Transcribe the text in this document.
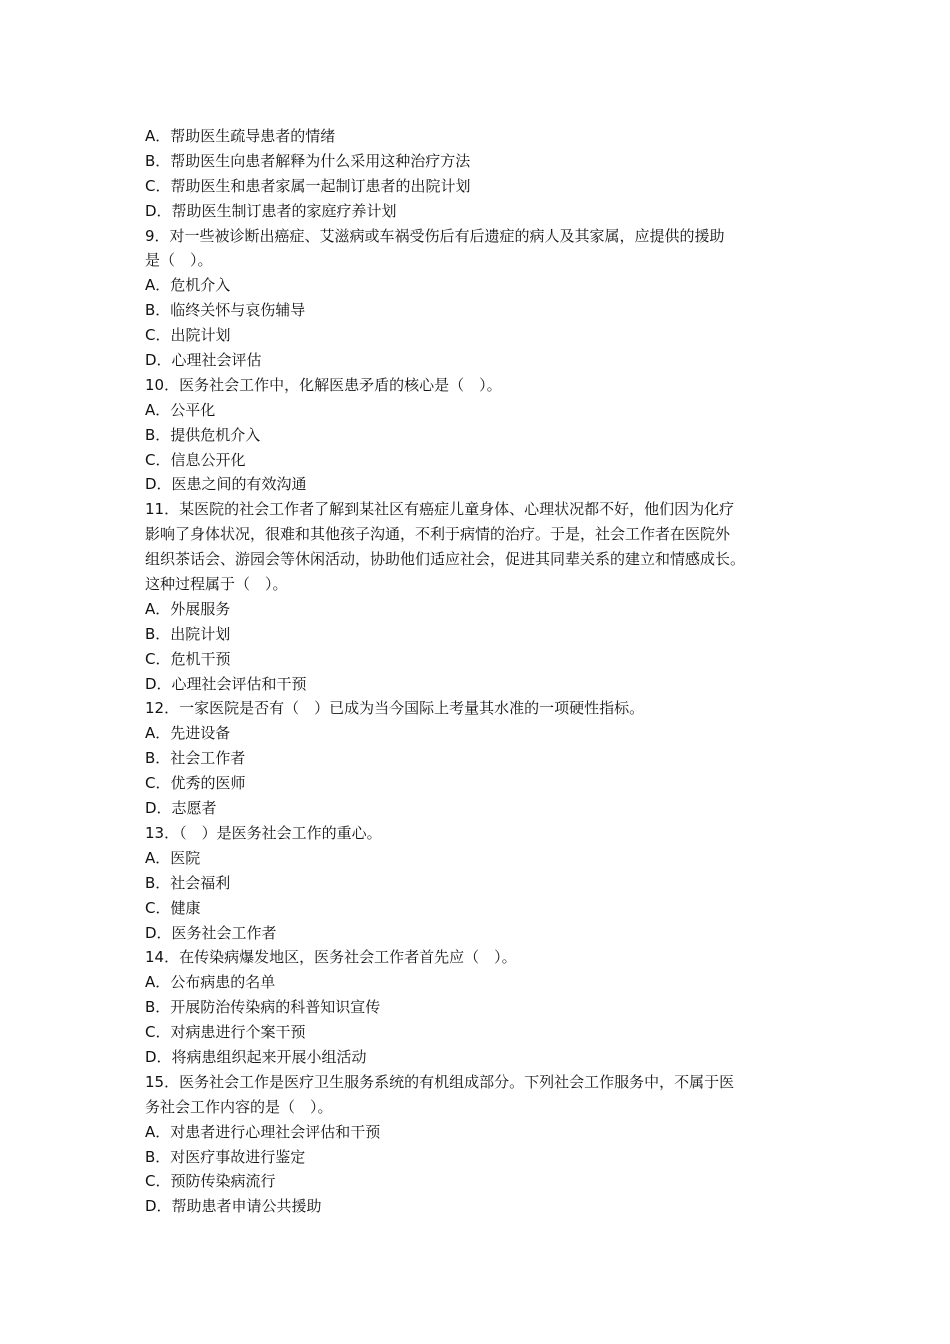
A．帮助医生疏导患者的情绪
B．帮助医生向患者解释为什么采用这种治疗方法
C．帮助医生和患者家属一起制订患者的出院计划
D．帮助医生制订患者的家庭疗养计划
9．对一些被诊断出癌症、艾滋病或车祸受伤后有后遗症的病人及其家属，应提供的援助
是（　）。
A．危机介入
B．临终关怀与哀伤辅导
C．出院计划
D．心理社会评估
10．医务社会工作中，化解医患矛盾的核心是（　）。
A．公平化
B．提供危机介入
C．信息公开化
D．医患之间的有效沟通
11．某医院的社会工作者了解到某社区有癌症儿童身体、心理状况都不好，他们因为化疗
影响了身体状况，很难和其他孩子沟通，不利于病情的治疗。于是，社会工作者在医院外
组织茶话会、游园会等休闲活动，协助他们适应社会，促进其同辈关系的建立和情感成长。
这种过程属于（　）。
A．外展服务
B．出院计划
C．危机干预
D．心理社会评估和干预
12．一家医院是否有（　）已成为当今国际上考量其水准的一项硬性指标。
A．先进设备
B．社会工作者
C．优秀的医师
D．志愿者
13．（　）是医务社会工作的重心。
A．医院
B．社会福利
C．健康
D．医务社会工作者
14．在传染病爆发地区，医务社会工作者首先应（　）。
A．公布病患的名单
B．开展防治传染病的科普知识宣传
C．对病患进行个案干预
D．将病患组织起来开展小组活动
15．医务社会工作是医疗卫生服务系统的有机组成部分。下列社会工作服务中，不属于医
务社会工作内容的是（　）。
A．对患者进行心理社会评估和干预
B．对医疗事故进行鉴定
C．预防传染病流行
D．帮助患者申请公共援助
